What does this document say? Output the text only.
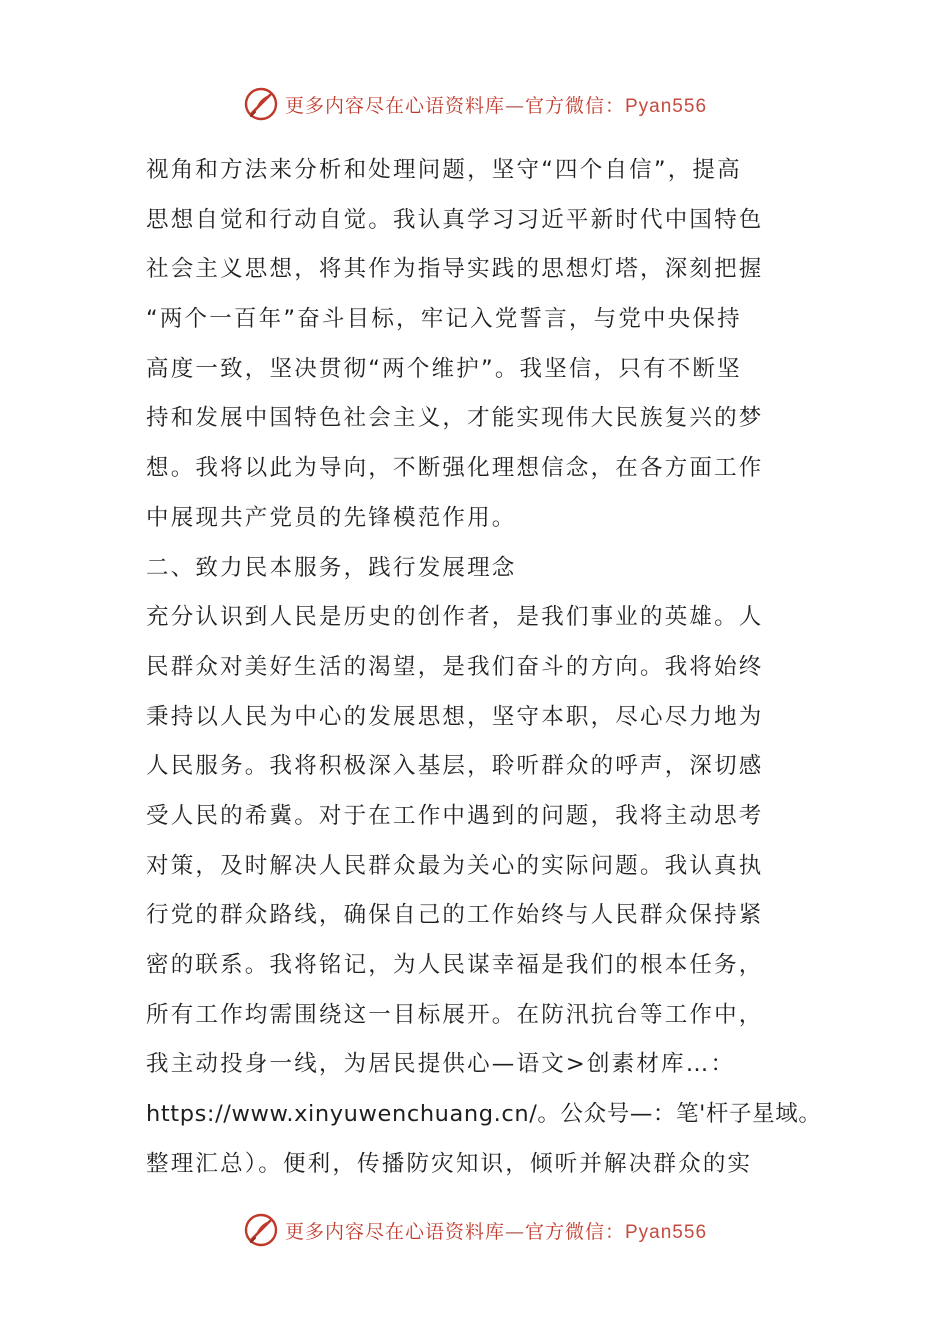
更多内容尽在心语资料库—官方微信：Pyan556
视角和方法来分析和处理问题，坚守“四个自信”，提高
思想自觉和行动自觉。我认真学习习近平新时代中国特色
社会主义思想，将其作为指导实践的思想灯塔，深刻把握
“两个一百年”奋斗目标，牢记入党誓言，与党中央保持
高度一致，坚决贯彻“两个维护”。我坚信，只有不断坚
持和发展中国特色社会主义，才能实现伟大民族复兴的梦
想。我将以此为导向，不断强化理想信念，在各方面工作
中展现共产党员的先锋模范作用。
二、致力民本服务，践行发展理念
充分认识到人民是历史的创作者，是我们事业的英雄。人
民群众对美好生活的渴望，是我们奋斗的方向。我将始终
秉持以人民为中心的发展思想，坚守本职，尽心尽力地为
人民服务。我将积极深入基层，聆听群众的呼声，深切感
受人民的希冀。对于在工作中遇到的问题，我将主动思考
对策，及时解决人民群众最为关心的实际问题。我认真执
行党的群众路线，确保自己的工作始终与人民群众保持紧
密的联系。我将铭记，为人民谋幸福是我们的根本任务，
所有工作均需围绕这一目标展开。在防汛抗台等工作中，
我主动投身一线，为居民提供心—语文>创素材库…：
https://www.xinyuwenchuang.cn/。公众号—：笔'杆子星域。
整理汇总）。便利，传播防灾知识，倾听并解决群众的实
更多内容尽在心语资料库—官方微信：Pyan556
